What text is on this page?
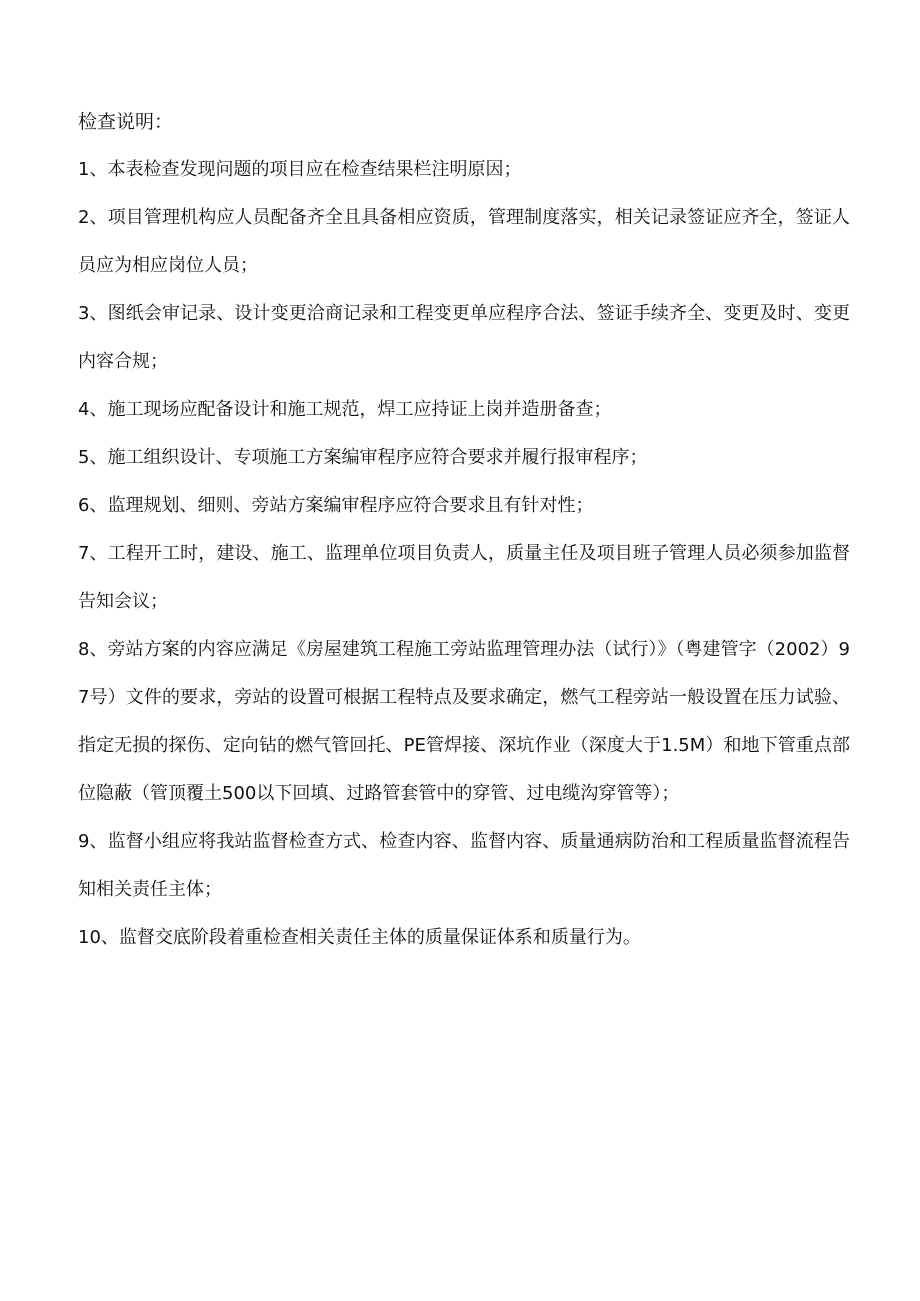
检查说明：

1、本表检查发现问题的项目应在检查结果栏注明原因；

2、项目管理机构应人员配备齐全且具备相应资质，管理制度落实，相关记录签证应齐全，签证人员应为相应岗位人员；

3、图纸会审记录、设计变更洽商记录和工程变更单应程序合法、签证手续齐全、变更及时、变更内容合规；

4、施工现场应配备设计和施工规范，焊工应持证上岗并造册备查；

5、施工组织设计、专项施工方案编审程序应符合要求并履行报审程序；

6、监理规划、细则、旁站方案编审程序应符合要求且有针对性；

7、工程开工时，建设、施工、监理单位项目负责人，质量主任及项目班子管理人员必须参加监督告知会议；

8、旁站方案的内容应满足《房屋建筑工程施工旁站监理管理办法（试行）》（粤建管字（2002）97号）文件的要求，旁站的设置可根据工程特点及要求确定，燃气工程旁站一般设置在压力试验、指定无损的探伤、定向钻的燃气管回托、PE管焊接、深坑作业（深度大于1.5M）和地下管重点部位隐蔽（管顶覆土500以下回填、过路管套管中的穿管、过电缆沟穿管等）；

9、监督小组应将我站监督检查方式、检查内容、监督内容、质量通病防治和工程质量监督流程告知相关责任主体；

10、监督交底阶段着重检查相关责任主体的质量保证体系和质量行为。
